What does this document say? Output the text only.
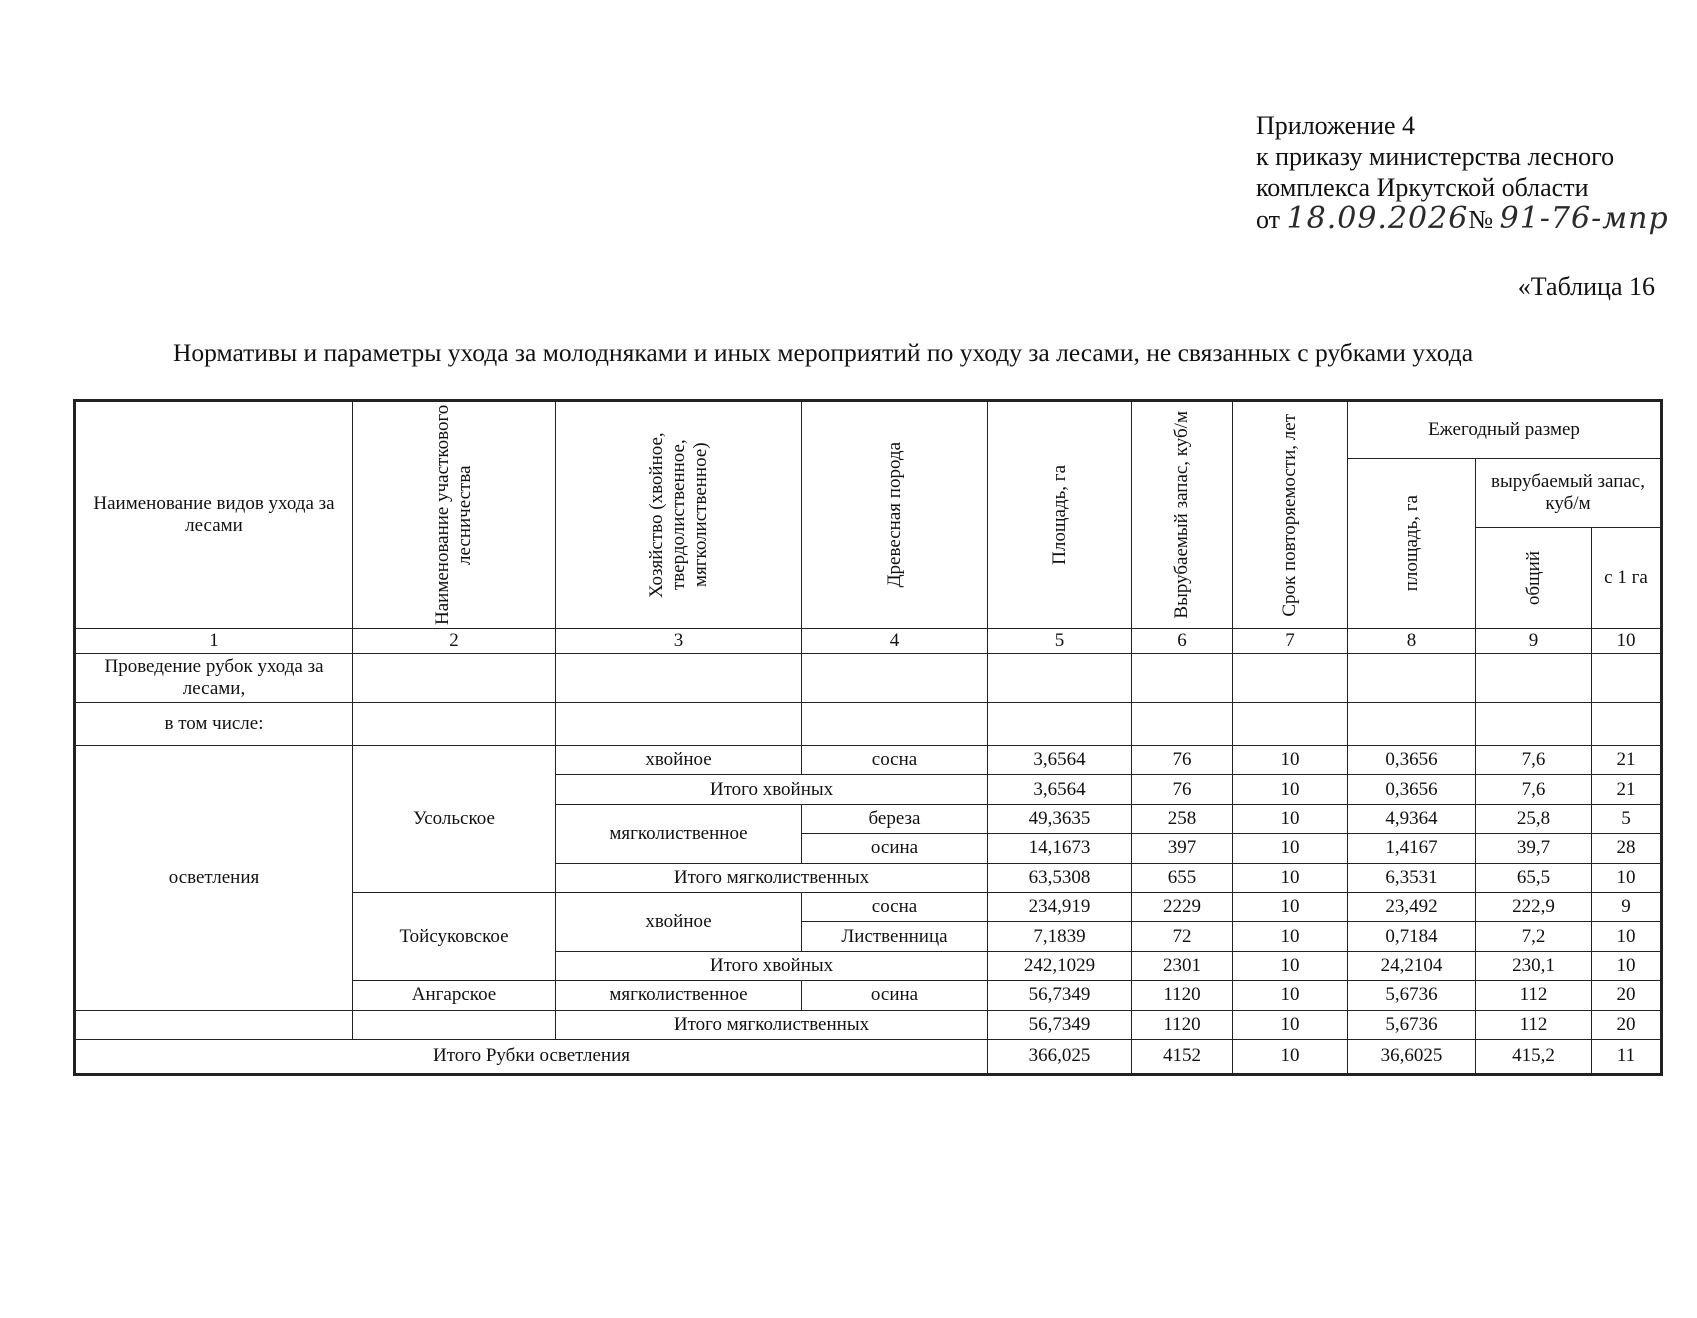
Приложение 4
к приказу министерства лесного
комплекса Иркутской области
от 18.09.2026№ 91-76-мпр
«Таблица 16
Нормативы и параметры ухода за молодняками и иных мероприятий по уходу за лесами, не связанных с рубками ухода
Наименование видов ухода за лесами	Наименование участкового лесничества	Хозяйство (хвойное, твердолиственное, мягколиственное)	Древесная порода	Площадь, га	Вырубаемый запас, куб/м	Срок повторяемости, лет	Ежегодный размер		

							площадь, га	вырубаемый запас, куб/м	

								общий	с 1 га
1	2	3	4	5	6	7	8	9	10
Проведение рубок ухода за лесами,									
в том числе:									
осветления	Усольское	хвойное	сосна	3,6564	76	10	0,3656	7,6	21
		Итого хвойных		3,6564	76	10	0,3656	7,6	21
		мягколиственное	береза	49,3635	258	10	4,9364	25,8	5
			осина	14,1673	397	10	1,4167	39,7	28
		Итого мягколиственных		63,5308	655	10	6,3531	65,5	10
	Тойсуковское	хвойное	сосна	234,919	2229	10	23,492	222,9	9
			Лиственница	7,1839	72	10	0,7184	7,2	10
		Итого хвойных		242,1029	2301	10	24,2104	230,1	10
	Ангарское	мягколиственное	осина	56,7349	1120	10	5,6736	112	20
		Итого мягколиственных		56,7349	1120	10	5,6736	112	20
Итого Рубки осветления				366,025	4152	10	36,6025	415,2	11
